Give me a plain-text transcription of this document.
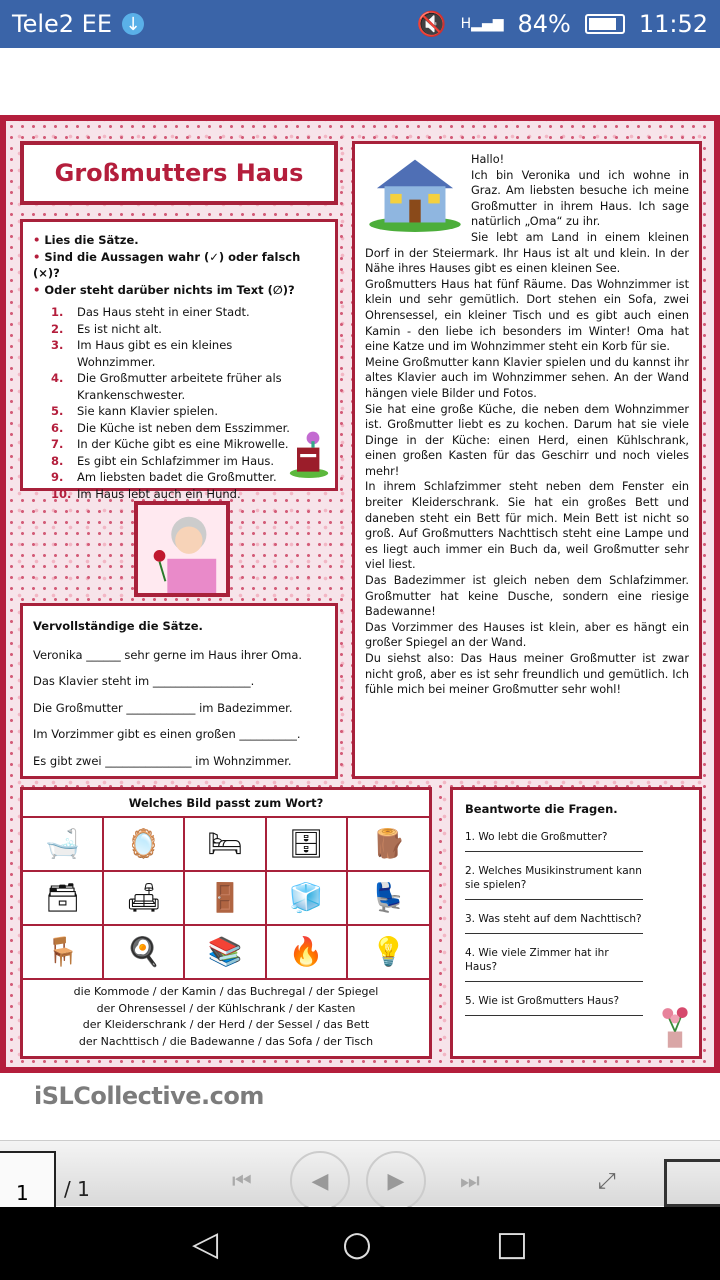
Tele2 EE ↓	🔇 H▂▄▆ 84%	11:52
Großmutters Haus
• Lies die Sätze.
• Sind die Aussagen wahr (✓) oder falsch (×)?
• Oder steht darüber nichts im Text (∅)?
1. Das Haus steht in einer Stadt.
2. Es ist nicht alt.
3. Im Haus gibt es ein kleines Wohnzimmer.
4. Die Großmutter arbeitete früher als Krankenschwester.
5. Sie kann Klavier spielen.
6. Die Küche ist neben dem Esszimmer.
7. In der Küche gibt es eine Mikrowelle.
8. Es gibt ein Schlafzimmer im Haus.
9. Am liebsten badet die Großmutter.
10. Im Haus lebt auch ein Hund.

Vervollständige die Sätze.

Veronika ______ sehr gerne im Haus ihrer Oma.

Das Klavier steht im _________________.

Die Großmutter ____________ im Badezimmer.

Im Vorzimmer gibt es einen großen __________.

Es gibt zwei _______________ im Wohnzimmer.

Hallo!
Ich bin Veronika und ich wohne in Graz. Am liebsten besuche ich meine Großmutter in ihrem Haus. Ich sage natürlich „Oma“ zu ihr.
Sie lebt am Land in einem kleinen Dorf in der Steiermark. Ihr Haus ist alt und klein. In der Nähe ihres Hauses gibt es einen kleinen See.
Großmutters Haus hat fünf Räume. Das Wohnzimmer ist klein und sehr gemütlich. Dort stehen ein Sofa, zwei Ohrensessel, ein kleiner Tisch und es gibt auch einen Kamin - den liebe ich besonders im Winter! Oma hat eine Katze und im Wohnzimmer steht ein Korb für sie.
Meine Großmutter kann Klavier spielen und du kannst ihr altes Klavier auch im Wohnzimmer sehen. An der Wand hängen viele Bilder und Fotos.
Sie hat eine große Küche, die neben dem Wohnzimmer ist. Großmutter liebt es zu kochen. Darum hat sie viele Dinge in der Küche: einen Herd, einen Kühlschrank, einen großen Kasten für das Geschirr und noch vieles mehr!
In ihrem Schlafzimmer steht neben dem Fenster ein breiter Kleiderschrank. Sie hat ein großes Bett und daneben steht ein Bett für mich. Mein Bett ist nicht so groß. Auf Großmutters Nachttisch steht eine Lampe und es liegt auch immer ein Buch da, weil Großmutter sehr viel liest.
Das Badezimmer ist gleich neben dem Schlafzimmer. Großmutter hat keine Dusche, sondern eine riesige Badewanne!
Das Vorzimmer des Hauses ist klein, aber es hängt ein großer Spiegel an der Wand.
Du siehst also: Das Haus meiner Großmutter ist zwar nicht groß, aber es ist sehr freundlich und gemütlich. Ich fühle mich bei meiner Großmutter sehr wohl!
Welches Bild passt zum Wort?
🛁	🪞	🛏	🗄	🪵
🗃	🛋	🚪	🧊	💺
🪑	🍳	📚	🔥	💡
die Kommode / der Kamin / das Buchregal / der Spiegel
der Ohrensessel / der Kühlschrank / der Kasten
der Kleiderschrank / der Herd / der Sessel / das Bett
der Nachttisch / die Badewanne / das Sofa / der Tisch
Beantworte die Fragen.
1. Wo lebt die Großmutter?
2. Welches Musikinstrument kann sie spielen?
3. Was steht auf dem Nachttisch?
4. Wie viele Zimmer hat ihr Haus?
5. Wie ist Großmutters Haus?
iSLCollective.com
1	/ 1	⏮	◀	▶	⏭	⤢
◁	○	□
